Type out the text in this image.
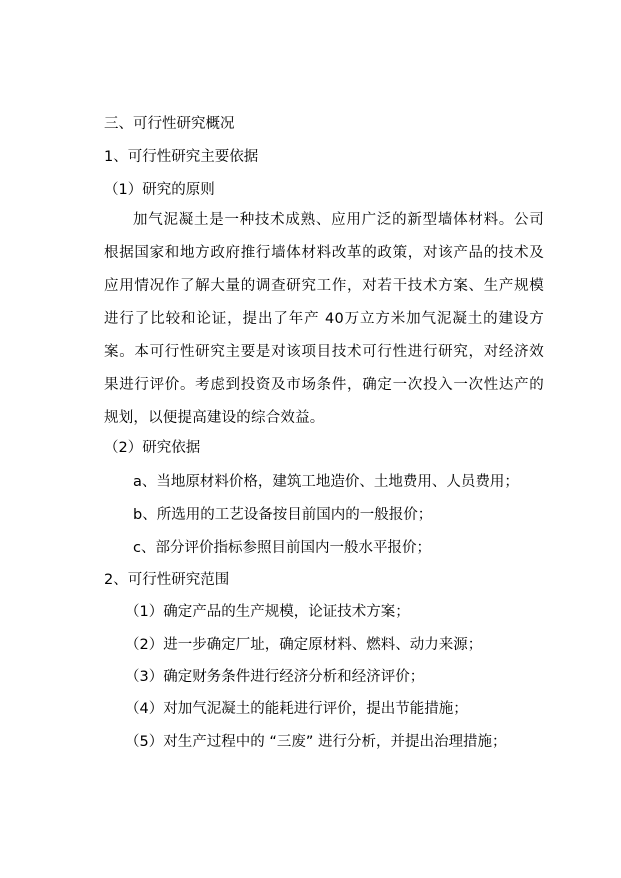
三、可行性研究概况
1、可行性研究主要依据
（1）研究的原则
加气泥凝土是一种技术成熟、应用广泛的新型墙体材料。公司根据国家和地方政府推行墙体材料改革的政策，对该产品的技术及应用情况作了解大量的调查研究工作，对若干技术方案、生产规模进行了比较和论证，提出了年产 40万立方米加气泥凝土的建设方案。本可行性研究主要是对该项目技术可行性进行研究，对经济效果进行评价。考虑到投资及市场条件，确定一次投入一次性达产的规划，以便提高建设的综合效益。
（2）研究依据
a、当地原材料价格，建筑工地造价、土地费用、人员费用；
b、所选用的工艺设备按目前国内的一般报价；
c、部分评价指标参照目前国内一般水平报价；
2、可行性研究范围
（1）确定产品的生产规模，论证技术方案；
（2）进一步确定厂址，确定原材料、燃料、动力来源；
（3）确定财务条件进行经济分析和经济评价；
（4）对加气泥凝土的能耗进行评价，提出节能措施；
（5）对生产过程中的 “三废” 进行分析，并提出治理措施；
